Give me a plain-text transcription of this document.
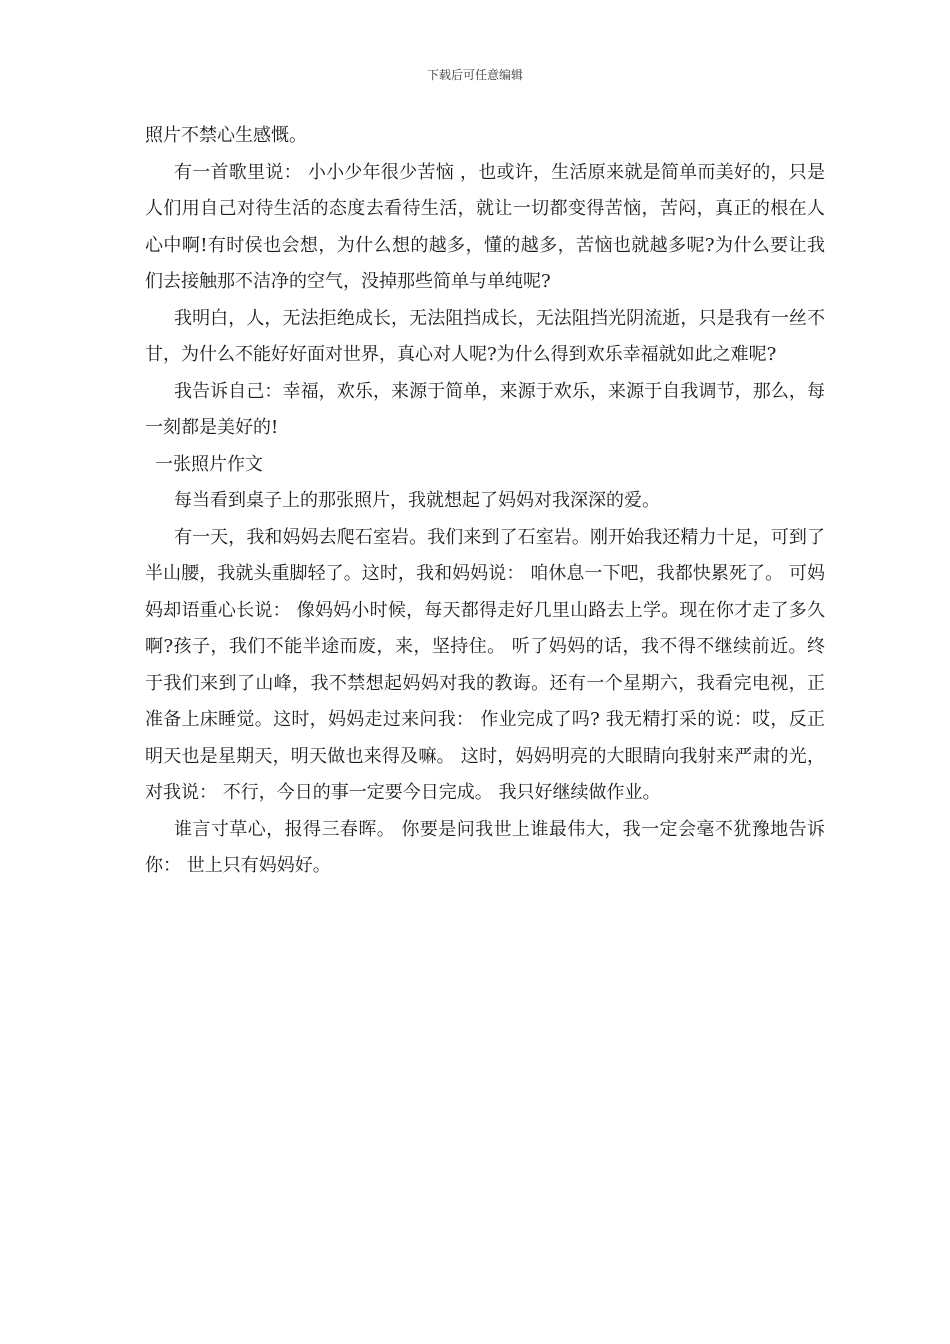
下载后可任意编辑

照片不禁心生感慨。

有一首歌里说： 小小少年很少苦恼 ，也或许，生活原来就是简单而美好的，只是人们用自己对待生活的态度去看待生活，就让一切都变得苦恼，苦闷，真正的根在人心中啊!有时侯也会想，为什么想的越多，懂的越多，苦恼也就越多呢?为什么要让我们去接触那不洁净的空气，没掉那些简单与单纯呢?

我明白，人，无法拒绝成长，无法阻挡成长，无法阻挡光阴流逝，只是我有一丝不甘，为什么不能好好面对世界，真心对人呢?为什么得到欢乐幸福就如此之难呢?

我告诉自己：幸福，欢乐，来源于简单，来源于欢乐，来源于自我调节，那么，每一刻都是美好的!

一张照片作文

每当看到桌子上的那张照片，我就想起了妈妈对我深深的爱。

有一天，我和妈妈去爬石室岩。我们来到了石室岩。刚开始我还精力十足，可到了半山腰，我就头重脚轻了。这时，我和妈妈说： 咱休息一下吧，我都快累死了。 可妈妈却语重心长说： 像妈妈小时候，每天都得走好几里山路去上学。现在你才走了多久啊?孩子，我们不能半途而废，来，坚持住。 听了妈妈的话，我不得不继续前近。终于我们来到了山峰，我不禁想起妈妈对我的教诲。还有一个星期六，我看完电视，正准备上床睡觉。这时，妈妈走过来问我： 作业完成了吗? 我无精打采的说：哎，反正明天也是星期天，明天做也来得及嘛。 这时，妈妈明亮的大眼睛向我射来严肃的光，对我说： 不行，今日的事一定要今日完成。 我只好继续做作业。

谁言寸草心，报得三春晖。 你要是问我世上谁最伟大，我一定会毫不犹豫地告诉你： 世上只有妈妈好。
